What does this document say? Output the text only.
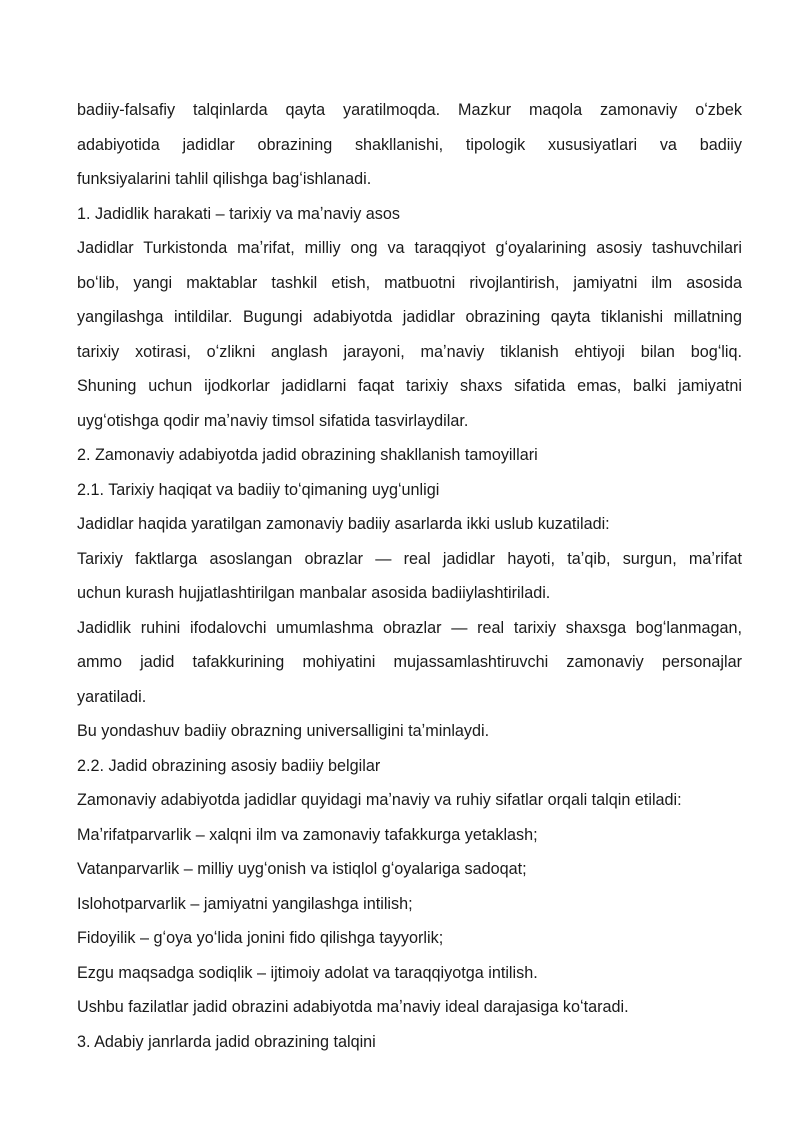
badiiy-falsafiy talqinlarda qayta yaratilmoqda. Mazkur maqola zamonaviy oʻzbek
adabiyotida jadidlar obrazining shakllanishi, tipologik xususiyatlari va badiiy
funksiyalarini tahlil qilishga bagʻishlanadi.
1. Jadidlik harakati – tarixiy va maʼnaviy asos
Jadidlar Turkistonda maʼrifat, milliy ong va taraqqiyot gʻoyalarining asosiy tashuvchilari
boʻlib, yangi maktablar tashkil etish, matbuotni rivojlantirish, jamiyatni ilm asosida
yangilashga intildilar. Bugungi adabiyotda jadidlar obrazining qayta tiklanishi millatning
tarixiy xotirasi, oʻzlikni anglash jarayoni, maʼnaviy tiklanish ehtiyoji bilan bogʻliq.
Shuning uchun ijodkorlar jadidlarni faqat tarixiy shaxs sifatida emas, balki jamiyatni
uygʻotishga qodir maʼnaviy timsol sifatida tasvirlaydilar.
2. Zamonaviy adabiyotda jadid obrazining shakllanish tamoyillari
2.1. Tarixiy haqiqat va badiiy toʻqimaning uygʻunligi
Jadidlar haqida yaratilgan zamonaviy badiiy asarlarda ikki uslub kuzatiladi:
Tarixiy faktlarga asoslangan obrazlar — real jadidlar hayoti, taʼqib, surgun, maʼrifat
uchun kurash hujjatlashtirilgan manbalar asosida badiiylashtiriladi.
Jadidlik ruhini ifodalovchi umumlashma obrazlar — real tarixiy shaxsga bogʻlanmagan,
ammo jadid tafakkurining mohiyatini mujassamlashtiruvchi zamonaviy personajlar
yaratiladi.
Bu yondashuv badiiy obrazning universalligini taʼminlaydi.
2.2. Jadid obrazining asosiy badiiy belgilar
Zamonaviy adabiyotda jadidlar quyidagi maʼnaviy va ruhiy sifatlar orqali talqin etiladi:
Maʼrifatparvarlik – xalqni ilm va zamonaviy tafakkurga yetaklash;
Vatanparvarlik – milliy uygʻonish va istiqlol gʻoyalariga sadoqat;
Islohotparvarlik – jamiyatni yangilashga intilish;
Fidoyilik – gʻoya yoʻlida jonini fido qilishga tayyorlik;
Ezgu maqsadga sodiqlik – ijtimoiy adolat va taraqqiyotga intilish.
Ushbu fazilatlar jadid obrazini adabiyotda maʼnaviy ideal darajasiga koʻtaradi.
3. Adabiy janrlarda jadid obrazining talqini
